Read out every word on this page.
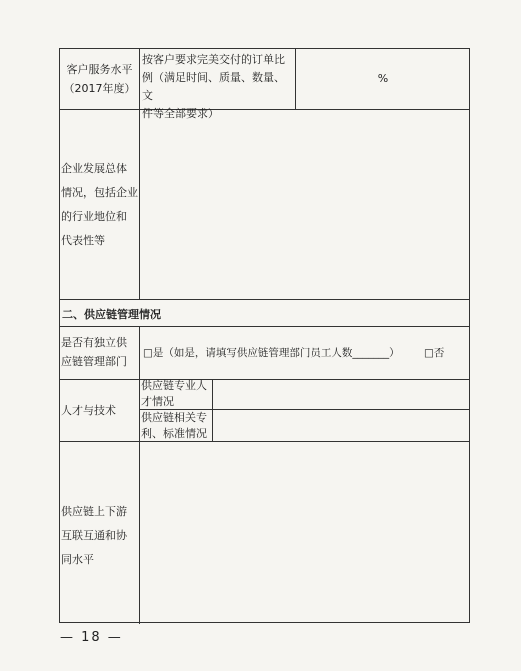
客户服务水平
（2017年度）
按客户要求完美交付的订单比
例（满足时间、质量、数量、文
件等全部要求）
%
企业发展总体
情况，包括企业
的行业地位和
代表性等
二、供应链管理情况
是否有独立供
应链管理部门
□是（如是，请填写供应链管理部门员工人数_______）	□否
人才与技术
供应链专业人
才情况
供应链相关专
利、标准情况
供应链上下游
互联互通和协
同水平
— 18 —
